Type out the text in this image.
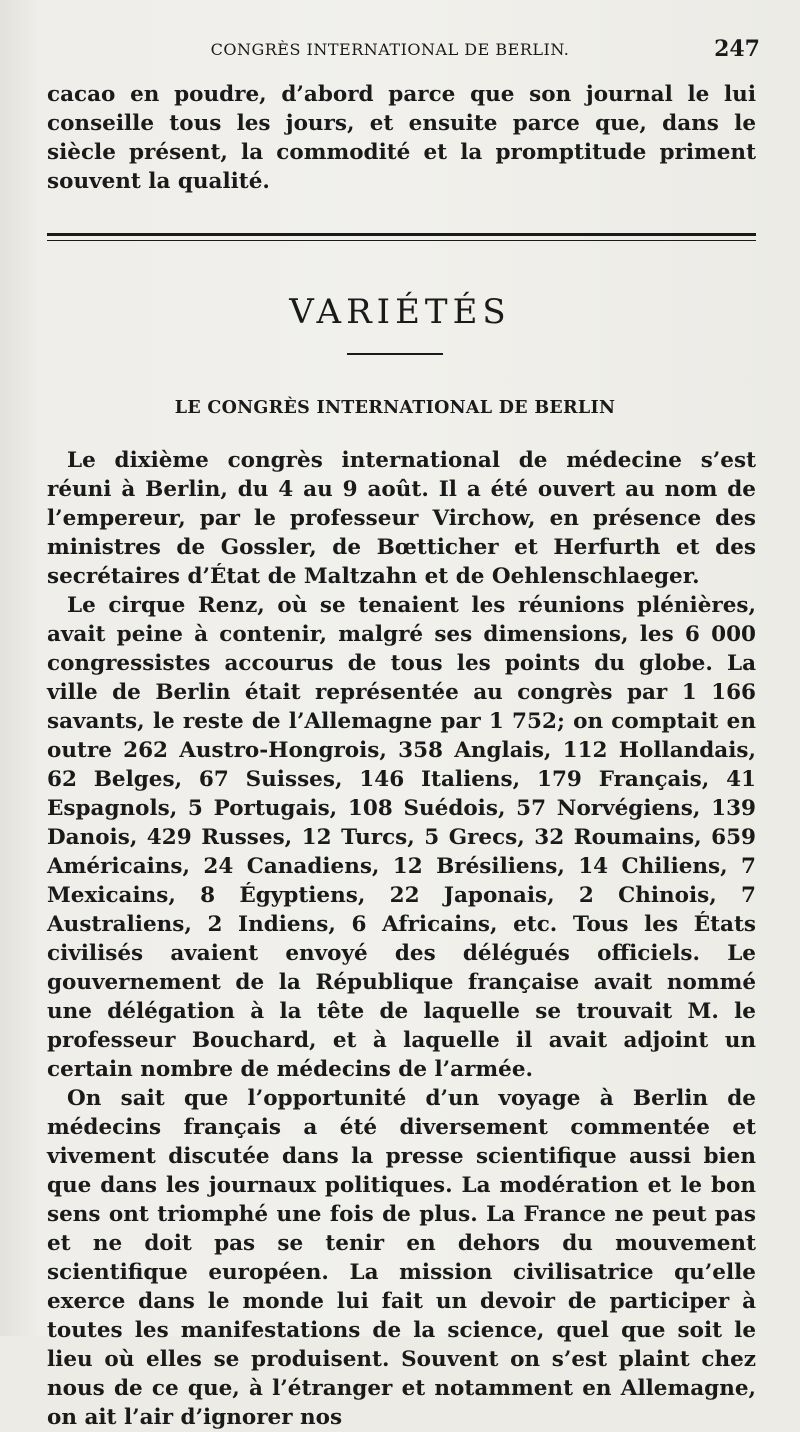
CONGRÈS INTERNATIONAL DE BERLIN.	247

cacao en poudre, d’abord parce que son journal le lui conseille tous les jours, et ensuite parce que, dans le siècle présent, la commodité et la promptitude priment souvent la qualité.

VARIÉTÉS
LE CONGRÈS INTERNATIONAL DE BERLIN

Le dixième congrès international de médecine s’est réuni à Berlin, du 4 au 9 août. Il a été ouvert au nom de l’empereur, par le professeur Virchow, en présence des ministres de Gossler, de Bœtticher et Herfurth et des secrétaires d’État de Maltzahn et de Oehlenschlaeger.

Le cirque Renz, où se tenaient les réunions plénières, avait peine à contenir, malgré ses dimensions, les 6 000 congressistes accourus de tous les points du globe. La ville de Berlin était représentée au congrès par 1 166 savants, le reste de l’Allemagne par 1 752; on comptait en outre 262 Austro-Hongrois, 358 Anglais, 112 Hollandais, 62 Belges, 67 Suisses, 146 Italiens, 179 Français, 41 Espagnols, 5 Portugais, 108 Suédois, 57 Norvégiens, 139 Danois, 429 Russes, 12 Turcs, 5 Grecs, 32 Roumains, 659 Américains, 24 Canadiens, 12 Brésiliens, 14 Chiliens, 7 Mexicains, 8 Égyptiens, 22 Japonais, 2 Chinois, 7 Australiens, 2 Indiens, 6 Africains, etc. Tous les États civilisés avaient envoyé des délégués officiels. Le gouvernement de la République française avait nommé une délégation à la tête de laquelle se trouvait M. le professeur Bouchard, et à laquelle il avait adjoint un certain nombre de médecins de l’armée.

On sait que l’opportunité d’un voyage à Berlin de médecins français a été diversement commentée et vivement discutée dans la presse scientifique aussi bien que dans les journaux politiques. La modération et le bon sens ont triomphé une fois de plus. La France ne peut pas et ne doit pas se tenir en dehors du mouvement scientifique européen. La mission civilisatrice qu’elle exerce dans le monde lui fait un devoir de participer à toutes les manifestations de la science, quel que soit le lieu où elles se produisent. Souvent on s’est plaint chez nous de ce que, à l’étranger et notamment en Allemagne, on ait l’air d’ignorer nos
